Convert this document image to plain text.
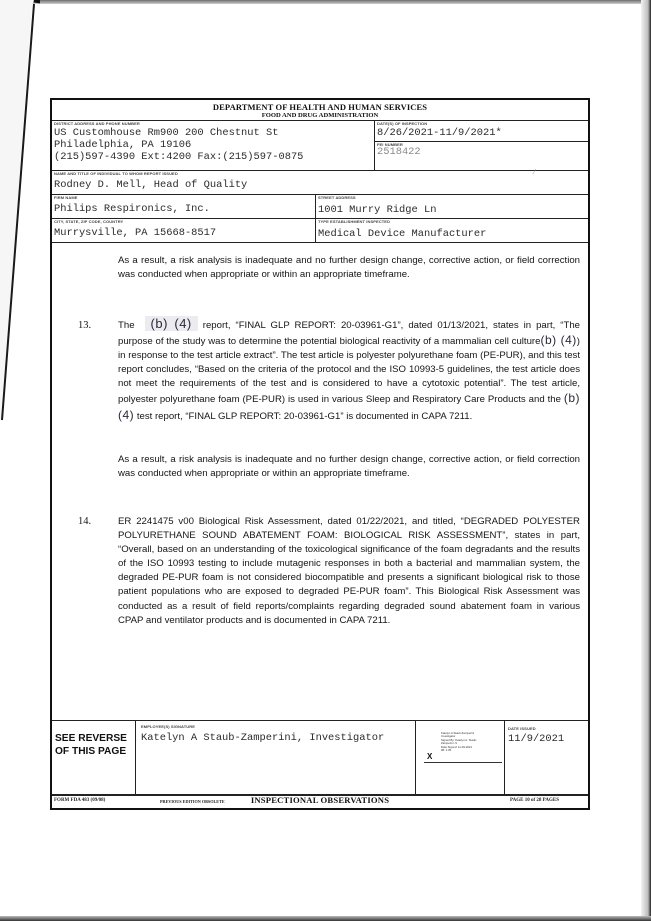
DEPARTMENT OF HEALTH AND HUMAN SERVICES
FOOD AND DRUG ADMINISTRATION
DISTRICT ADDRESS AND PHONE NUMBER
US Customhouse Rm900 200 Chestnut St
Philadelphia, PA 19106
(215)597-4390 Ext:4200 Fax:(215)597-0875
DATE(S) OF INSPECTION
8/26/2021-11/9/2021*
FEI NUMBER
2518422
NAME AND TITLE OF INDIVIDUAL TO WHOM REPORT ISSUED
Rodney D. Mell, Head of Quality
FIRM NAME
Philips Respironics, Inc.
STREET ADDRESS
1001 Murry Ridge Ln
CITY, STATE, ZIP CODE, COUNTRY
Murrysville, PA 15668-8517
TYPE ESTABLISHMENT INSPECTED
Medical Device Manufacturer
⁄
SEE REVERSE
OF THIS PAGE
EMPLOYEE(S) SIGNATURE
Katelyn A Staub-Zamperini, Investigator	Katelyn A Staub-Zamperini
Investigator
Signed By: Katelyn A. Staub-
Zamperini -S
Date Signed: 11-09-2021
08: 1:35
X
DATE ISSUED
11/9/2021
FORM FDA 483 (09/08)	PREVIOUS EDITION OBSOLETE	INSPECTIONAL OBSERVATIONS	PAGE 10 of 28 PAGES

As a result, a risk analysis is inadequate and no further design change, corrective action, or field correction was conducted when appropriate or within an appropriate timeframe.

13.	The (b) (4) report, “FINAL GLP REPORT: 20-03961-G1”, dated 01/13/2021, states in part, “The purpose of the study was to determine the potential biological reactivity of a mammalian cell culture(b) (4)) in response to the test article extract”. The test article is polyester polyurethane foam (PE-PUR), and this test report concludes, “Based on the criteria of the protocol and the ISO 10993-5 guidelines, the test article does not meet the requirements of the test and is considered to have a cytotoxic potential”. The test article, polyester polyurethane foam (PE-PUR) is used in various Sleep and Respiratory Care Products and the (b) (4) test report, “FINAL GLP REPORT: 20-03961-G1” is documented in CAPA 7211.

As a result, a risk analysis is inadequate and no further design change, corrective action, or field correction was conducted when appropriate or within an appropriate timeframe.

14.	ER 2241475 v00 Biological Risk Assessment, dated 01/22/2021, and titled, “DEGRADED POLYESTER POLYURETHANE SOUND ABATEMENT FOAM: BIOLOGICAL RISK ASSESSMENT”, states in part, “Overall, based on an understanding of the toxicological significance of the foam degradants and the results of the ISO 10993 testing to include mutagenic responses in both a bacterial and mammalian system, the degraded PE-PUR foam is not considered biocompatible and presents a significant biological risk to those patient populations who are exposed to degraded PE-PUR foam”. This Biological Risk Assessment was conducted as a result of field reports/complaints regarding degraded sound abatement foam in various CPAP and ventilator products and is documented in CAPA 7211.
